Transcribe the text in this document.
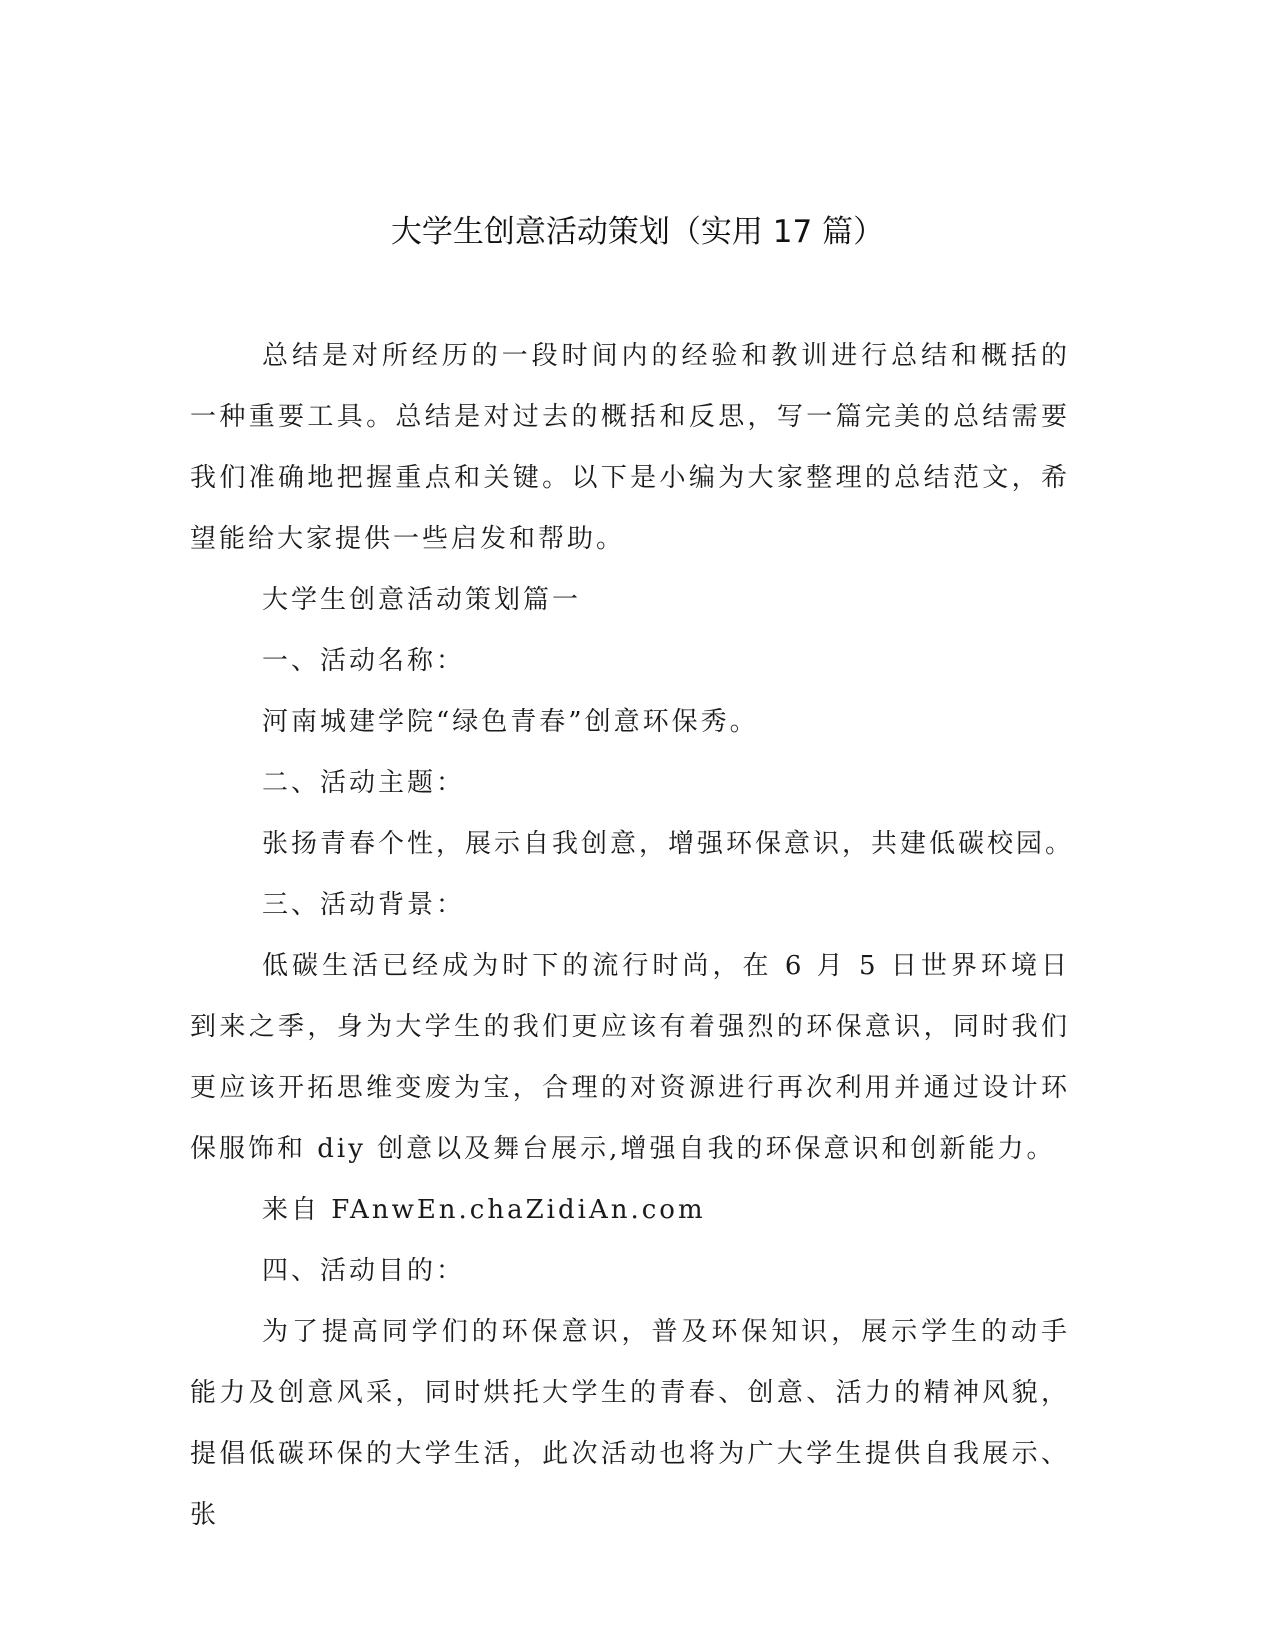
大学生创意活动策划（实用 17 篇）

总结是对所经历的一段时间内的经验和教训进行总结和概括的一种重要工具。总结是对过去的概括和反思，写一篇完美的总结需要我们准确地把握重点和关键。以下是小编为大家整理的总结范文，希望能给大家提供一些启发和帮助。

大学生创意活动策划篇一

一、活动名称：

河南城建学院“绿色青春”创意环保秀。

二、活动主题：

张扬青春个性，展示自我创意，增强环保意识，共建低碳校园。

三、活动背景：

低碳生活已经成为时下的流行时尚，在 6 月 5 日世界环境日到来之季，身为大学生的我们更应该有着强烈的环保意识，同时我们更应该开拓思维变废为宝，合理的对资源进行再次利用并通过设计环保服饰和 diy 创意以及舞台展示,增强自我的环保意识和创新能力。

来自 FAnwEn.chaZidiAn.com

四、活动目的：

为了提高同学们的环保意识，普及环保知识，展示学生的动手能力及创意风采，同时烘托大学生的青春、创意、活力的精神风貌，提倡低碳环保的大学生活，此次活动也将为广大学生提供自我展示、张
